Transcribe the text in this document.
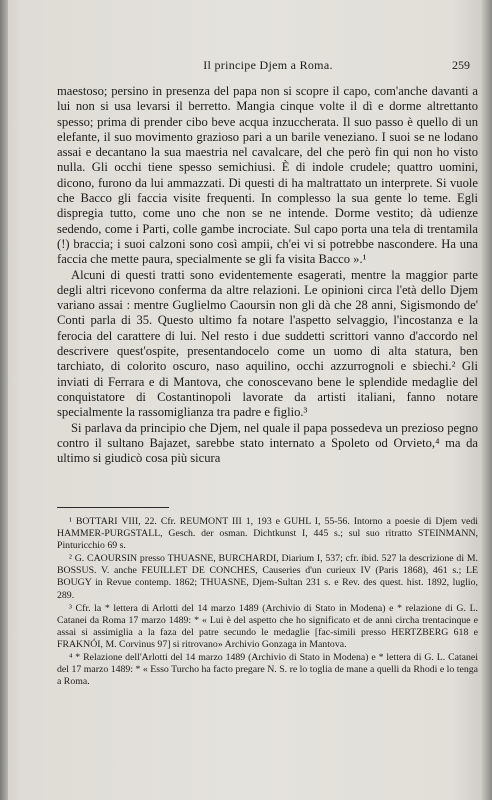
Il principe Djem a Roma.	259

maestoso; persino in presenza del papa non si scopre il capo, com'anche davanti a lui non si usa levarsi il berretto. Mangia cinque volte il dì e dorme altrettanto spesso; prima di prender cibo beve acqua inzuccherata. Il suo passo è quello di un elefante, il suo movimento grazioso pari a un barile veneziano. I suoi se ne lodano assai e decantano la sua maestria nel cavalcare, del che però fin qui non ho visto nulla. Gli occhi tiene spesso semichiusi. È di indole crudele; quattro uomini, dicono, furono da lui ammazzati. Di questi di ha maltrattato un interprete. Si vuole che Bacco gli faccia visite frequenti. In complesso la sua gente lo teme. Egli dispregia tutto, come uno che non se ne intende. Dorme vestito; dà udienze sedendo, come i Parti, colle gambe incrociate. Sul capo porta una tela di trentamila (!) braccia; i suoi calzoni sono così ampii, ch'ei vi si potrebbe nascondere. Ha una faccia che mette paura, specialmente se gli fa visita Bacco ».¹

Alcuni di questi tratti sono evidentemente esagerati, mentre la maggior parte degli altri ricevono conferma da altre relazioni. Le opinioni circa l'età dello Djem variano assai : mentre Guglielmo Caoursin non gli dà che 28 anni, Sigismondo de' Conti parla di 35. Questo ultimo fa notare l'aspetto selvaggio, l'incostanza e la ferocia del carattere di lui. Nel resto i due suddetti scrittori vanno d'accordo nel descrivere quest'ospite, presentandocelo come un uomo di alta statura, ben tarchiato, di colorito oscuro, naso aquilino, occhi azzurrognoli e sbiechi.² Gli inviati di Ferrara e di Mantova, che conoscevano bene le splendide medaglie del conquistatore di Costantinopoli lavorate da artisti italiani, fanno notare specialmente la rassomiglianza tra padre e figlio.³

Si parlava da principio che Djem, nel quale il papa possedeva un prezioso pegno contro il sultano Bajazet, sarebbe stato internato a Spoleto od Orvieto,⁴ ma da ultimo si giudicò cosa più sicura

¹ BOTTARI VIII, 22. Cfr. REUMONT III 1, 193 e GUHL I, 55-56. Intorno a poesie di Djem vedi HAMMER-PURGSTALL, Gesch. der osman. Dichtkunst I, 445 s.; sul suo ritratto STEINMANN, Pinturicchio 69 s.

² G. CAOURSIN presso THUASNE, BURCHARDI, Diarium I, 537; cfr. ibid. 527 la descrizione di M. BOSSUS. V. anche FEUILLET DE CONCHES, Causeries d'un curieux IV (Paris 1868), 461 s.; LE BOUGY in Revue contemp. 1862; THUASNE, Djem-Sultan 231 s. e Rev. des quest. hist. 1892, luglio, 289.

³ Cfr. la * lettera di Arlotti del 14 marzo 1489 (Archivio di Stato in Modena) e * relazione di G. L. Catanei da Roma 17 marzo 1489: * « Lui è del aspetto che ho significato et de anni circha trentacinque e assai si assimiglia a la faza del patre secundo le medaglie [fac-simili presso HERTZBERG 618 e FRAKNÓI, M. Corvinus 97] si ritrovano» Archivio Gonzaga in Mantova.

⁴ * Relazione dell'Arlotti del 14 marzo 1489 (Archivio di Stato in Modena) e * lettera di G. L. Catanei del 17 marzo 1489: * « Esso Turcho ha facto pregare N. S. re lo toglia de mane a quelli da Rhodi e lo tenga a Roma.
